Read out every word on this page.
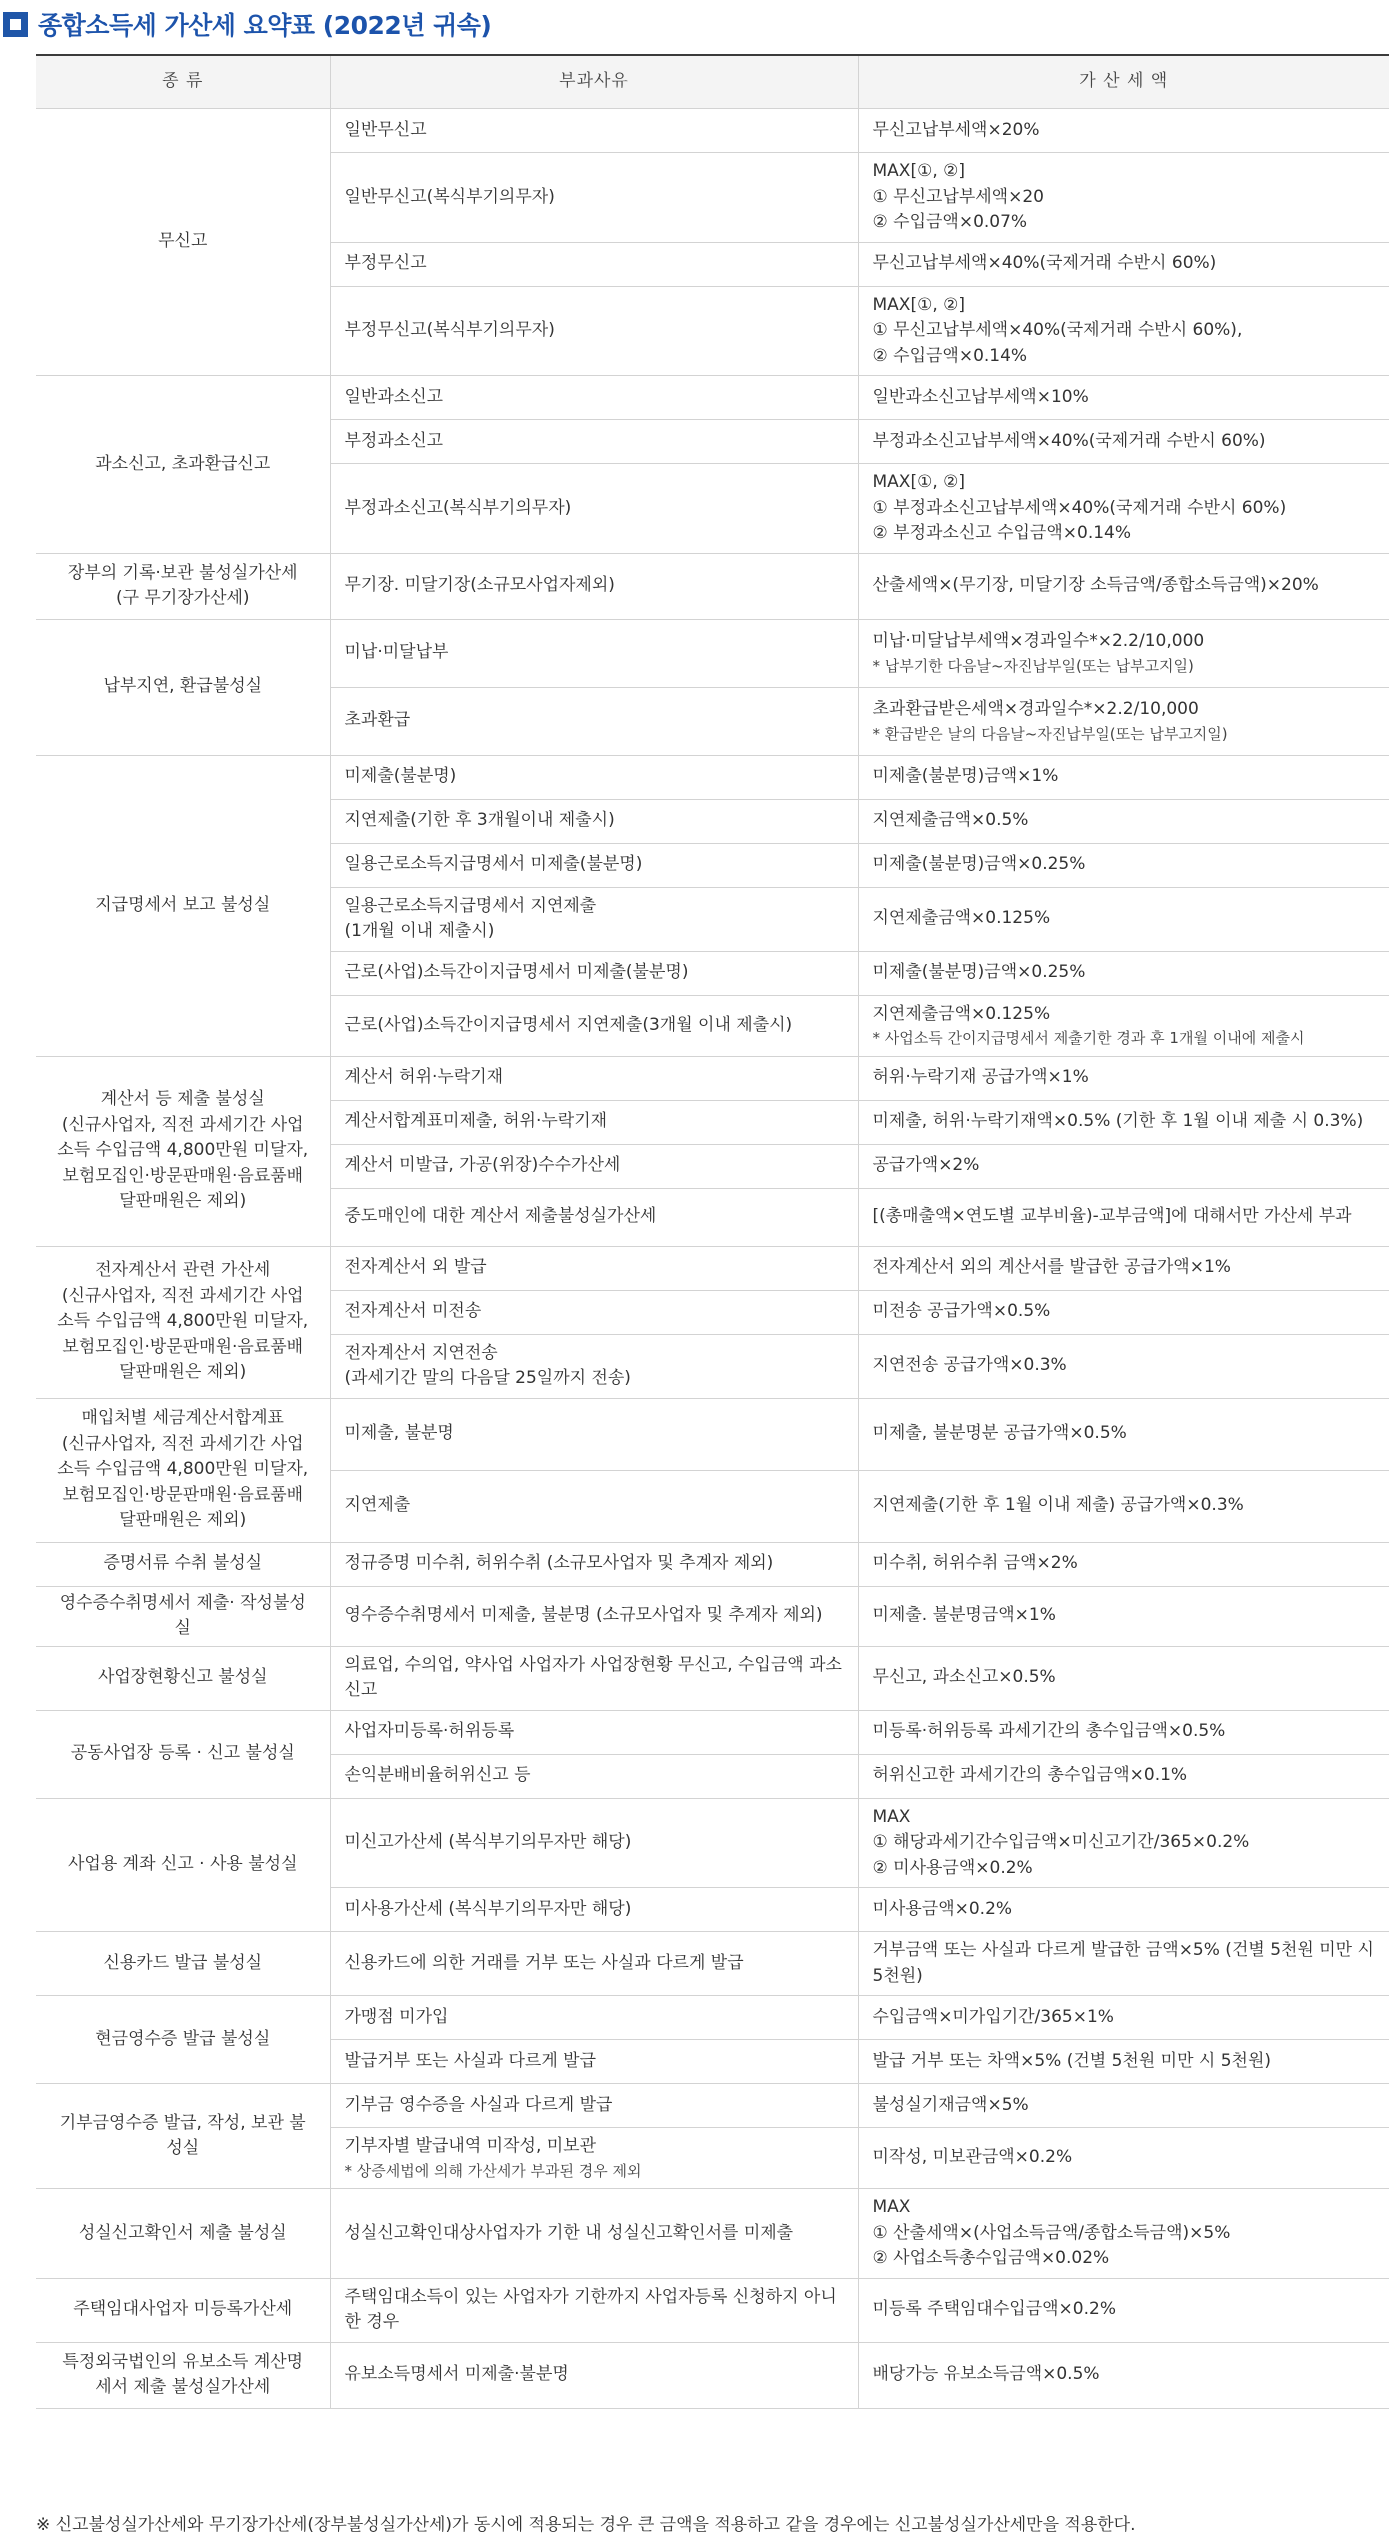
종합소득세 가산세 요약표 (2022년 귀속)
종 류	부과사유	가 산 세 액

무신고	일반무신고	무신고납부세액×20%

	일반무신고(복식부기의무자)	MAX[①, ②]
① 무신고납부세액×20
② 수입금액×0.07%

	부정무신고	무신고납부세액×40%(국제거래 수반시 60%)

	부정무신고(복식부기의무자)	MAX[①, ②]
① 무신고납부세액×40%(국제거래 수반시 60%),
② 수입금액×0.14%

과소신고, 초과환급신고	일반과소신고	일반과소신고납부세액×10%

	부정과소신고	부정과소신고납부세액×40%(국제거래 수반시 60%)

	부정과소신고(복식부기의무자)	MAX[①, ②]
① 부정과소신고납부세액×40%(국제거래 수반시 60%)
② 부정과소신고 수입금액×0.14%

장부의 기록·보관 불성실가산세
(구 무기장가산세)	무기장. 미달기장(소규모사업자제외)	산출세액×(무기장, 미달기장 소득금액/종합소득금액)×20%

납부지연, 환급불성실	미납·미달납부	미납·미달납부세액×경과일수*×2.2/10,000
* 납부기한 다음날~자진납부일(또는 납부고지일)

	초과환급	초과환급받은세액×경과일수*×2.2/10,000
* 환급받은 날의 다음날~자진납부일(또는 납부고지일)

지급명세서 보고 불성실	미제출(불분명)	미제출(불분명)금액×1%

	지연제출(기한 후 3개월이내 제출시)	지연제출금액×0.5%

	일용근로소득지급명세서 미제출(불분명)	미제출(불분명)금액×0.25%

	일용근로소득지급명세서 지연제출
(1개월 이내 제출시)	지연제출금액×0.125%

	근로(사업)소득간이지급명세서 미제출(불분명)	미제출(불분명)금액×0.25%

	근로(사업)소득간이지급명세서 지연제출(3개월 이내 제출시)	지연제출금액×0.125%
* 사업소득 간이지급명세서 제출기한 경과 후 1개월 이내에 제출시

계산서 등 제출 불성실
(신규사업자, 직전 과세기간 사업
소득 수입금액 4,800만원 미달자,
보험모집인·방문판매원·음료품배
달판매원은 제외)	계산서 허위·누락기재	허위·누락기재 공급가액×1%

	계산서합계표미제출, 허위·누락기재	미제출, 허위·누락기재액×0.5% (기한 후 1월 이내 제출 시 0.3%)

	계산서 미발급, 가공(위장)수수가산세	공급가액×2%

	중도매인에 대한 계산서 제출불성실가산세	[(총매출액×연도별 교부비율)-교부금액]에 대해서만 가산세 부과

전자계산서 관련 가산세
(신규사업자, 직전 과세기간 사업
소득 수입금액 4,800만원 미달자,
보험모집인·방문판매원·음료품배
달판매원은 제외)	전자계산서 외 발급	전자계산서 외의 계산서를 발급한 공급가액×1%

	전자계산서 미전송	미전송 공급가액×0.5%

	전자계산서 지연전송
(과세기간 말의 다음달 25일까지 전송)	지연전송 공급가액×0.3%

매입처별 세금계산서합계표
(신규사업자, 직전 과세기간 사업
소득 수입금액 4,800만원 미달자,
보험모집인·방문판매원·음료품배
달판매원은 제외)	미제출, 불분명	미제출, 불분명분 공급가액×0.5%

	지연제출	지연제출(기한 후 1월 이내 제출) 공급가액×0.3%

증명서류 수취 불성실	정규증명 미수취, 허위수취 (소규모사업자 및 추계자 제외)	미수취, 허위수취 금액×2%

영수증수취명세서 제출· 작성불성
실	영수증수취명세서 미제출, 불분명 (소규모사업자 및 추계자 제외)	미제출. 불분명금액×1%

사업장현황신고 불성실	의료업, 수의업, 약사업 사업자가 사업장현황 무신고, 수입금액 과소신고	무신고, 과소신고×0.5%

공동사업장 등록 · 신고 불성실	사업자미등록·허위등록	미등록·허위등록 과세기간의 총수입금액×0.5%

	손익분배비율허위신고 등	허위신고한 과세기간의 총수입금액×0.1%

사업용 계좌 신고 · 사용 불성실	미신고가산세 (복식부기의무자만 해당)	MAX
① 해당과세기간수입금액×미신고기간/365×0.2%
② 미사용금액×0.2%

	미사용가산세 (복식부기의무자만 해당)	미사용금액×0.2%

신용카드 발급 불성실	신용카드에 의한 거래를 거부 또는 사실과 다르게 발급	거부금액 또는 사실과 다르게 발급한 금액×5% (건별 5천원 미만 시 5천원)

현금영수증 발급 불성실	가맹점 미가입	수입금액×미가입기간/365×1%

	발급거부 또는 사실과 다르게 발급	발급 거부 또는 차액×5% (건별 5천원 미만 시 5천원)

기부금영수증 발급, 작성, 보관 불
성실	기부금 영수증을 사실과 다르게 발급	불성실기재금액×5%

	기부자별 발급내역 미작성, 미보관
* 상증세법에 의해 가산세가 부과된 경우 제외	미작성, 미보관금액×0.2%

성실신고확인서 제출 불성실	성실신고확인대상사업자가 기한 내 성실신고확인서를 미제출	MAX
① 산출세액×(사업소득금액/종합소득금액)×5%
② 사업소득총수입금액×0.02%

주택임대사업자 미등록가산세	주택임대소득이 있는 사업자가 기한까지 사업자등록 신청하지 아니한 경우	미등록 주택임대수입금액×0.2%

특정외국법인의 유보소득 계산명
세서 제출 불성실가산세	유보소득명세서 미제출·불분명	배당가능 유보소득금액×0.5%
※ 신고불성실가산세와 무기장가산세(장부불성실가산세)가 동시에 적용되는 경우 큰 금액을 적용하고 같을 경우에는 신고불성실가산세만을 적용한다.
